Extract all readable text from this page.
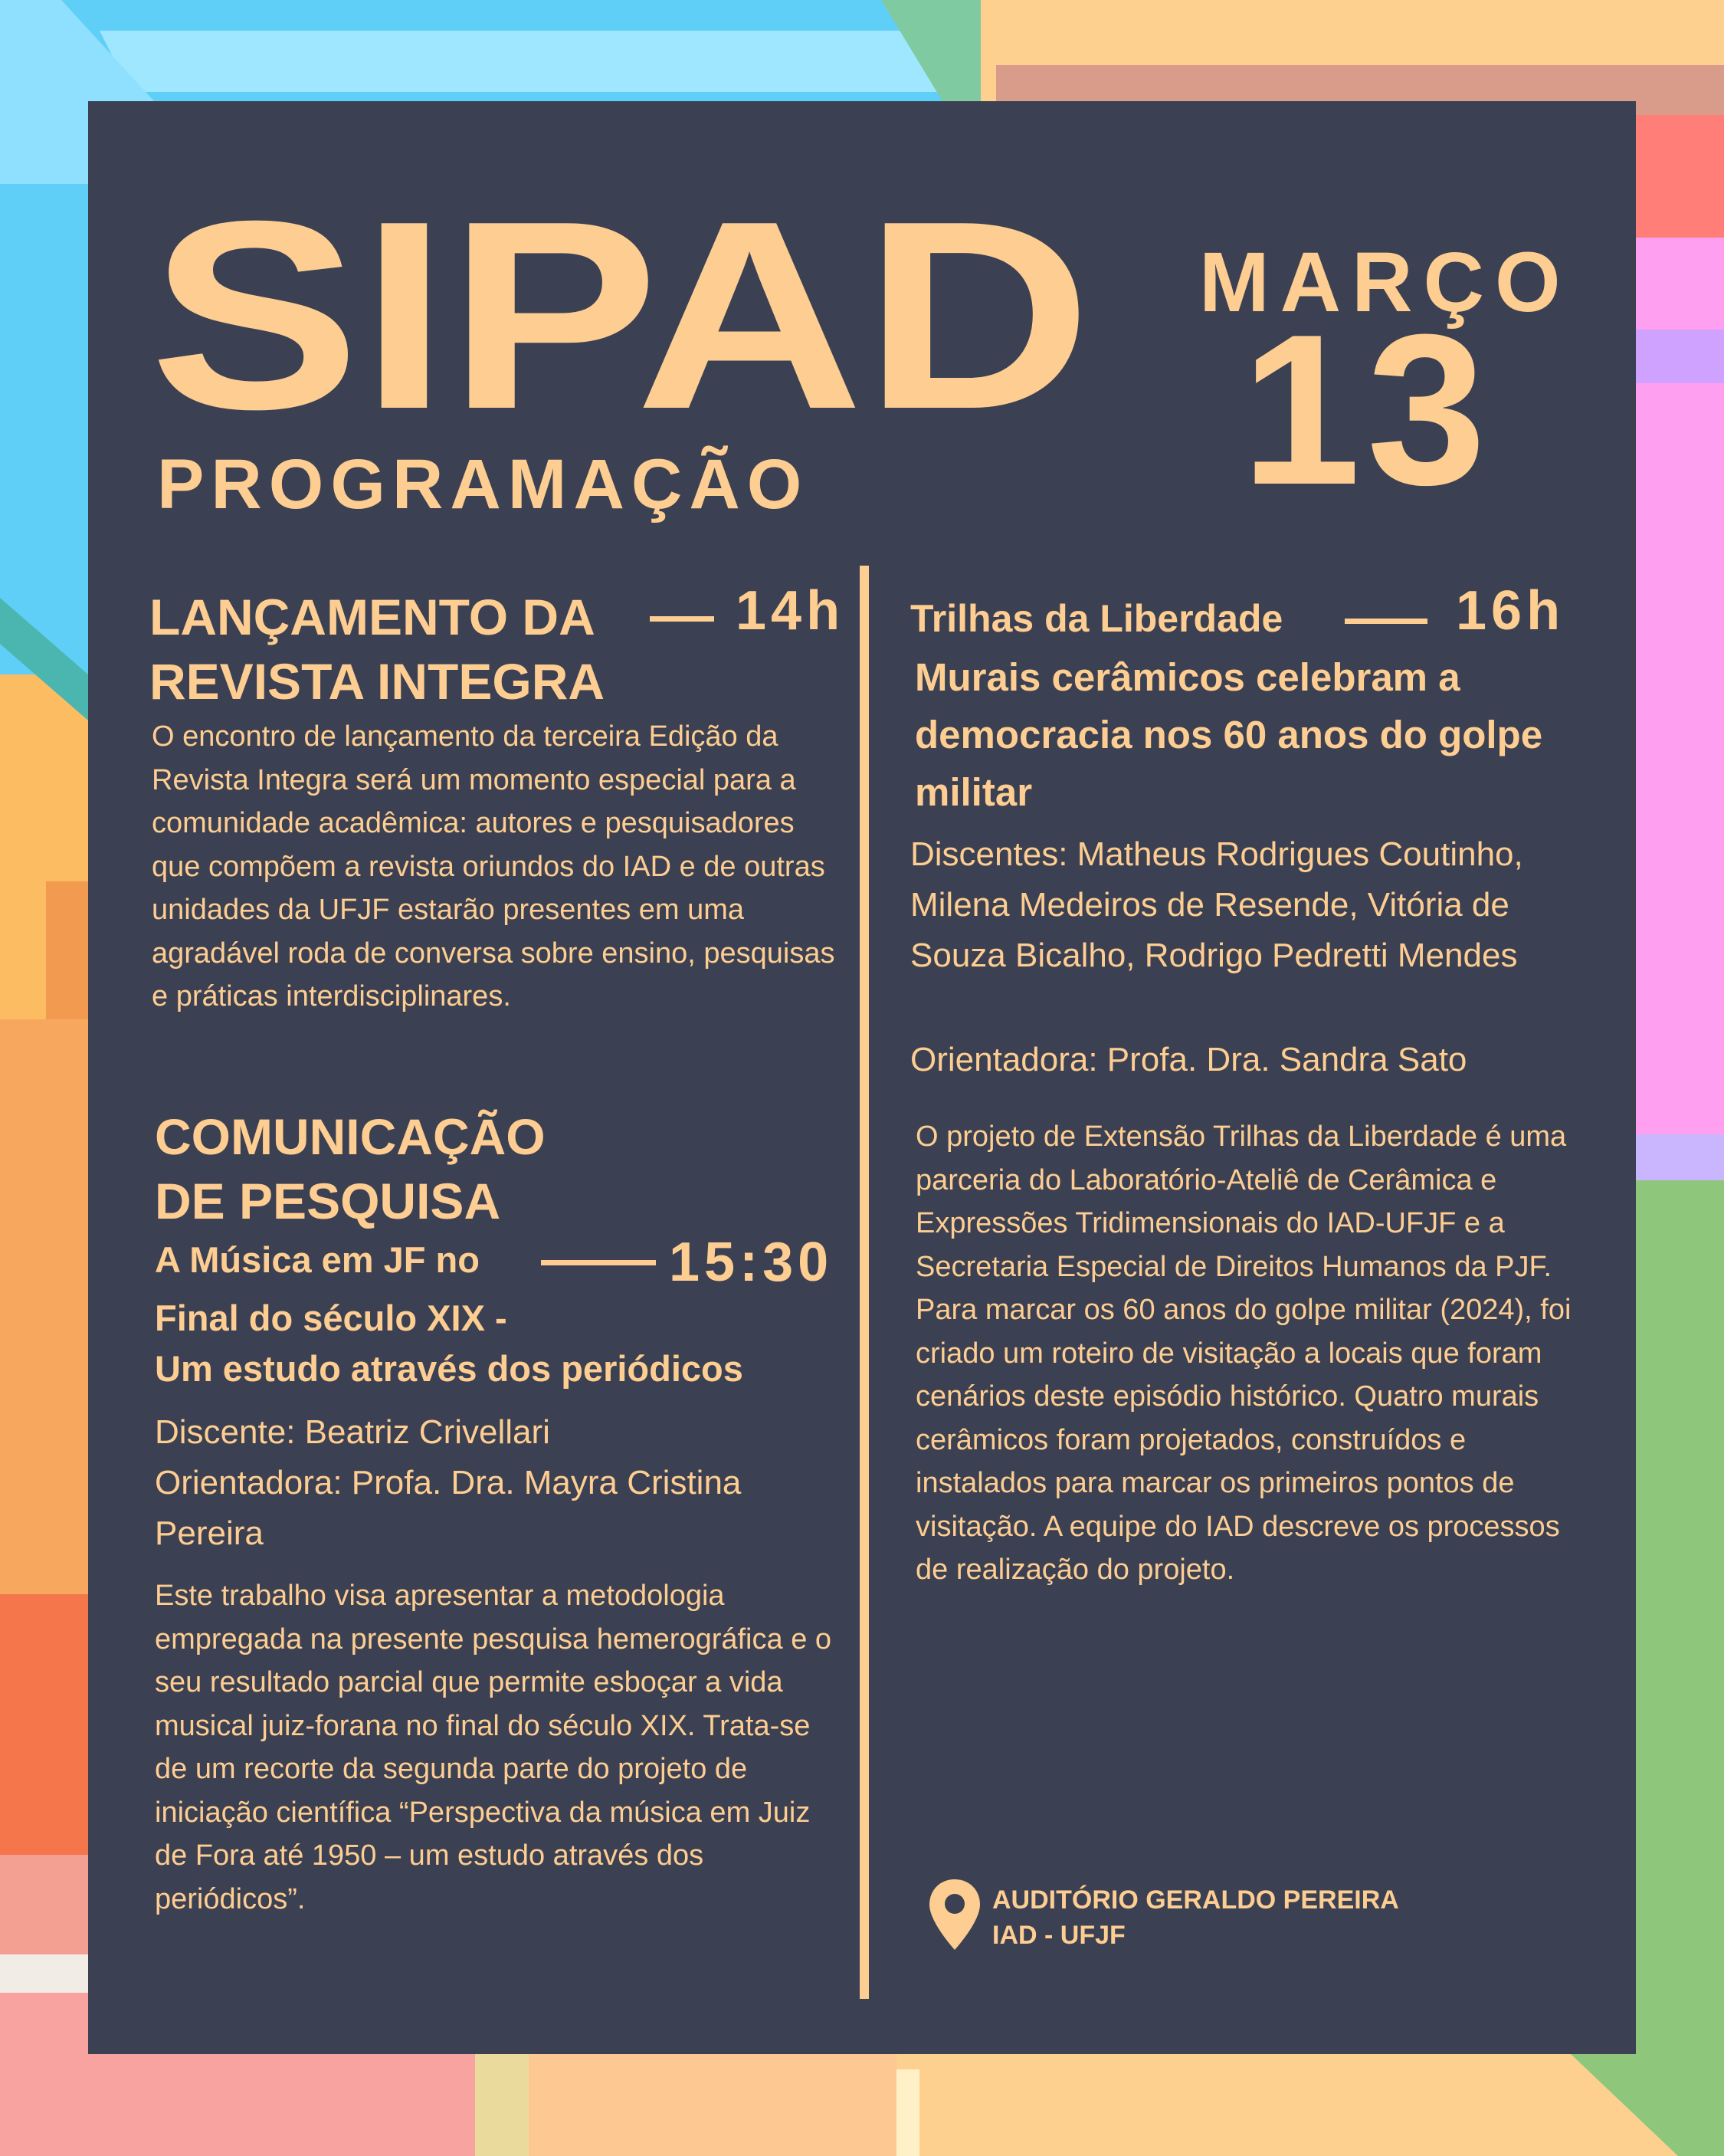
SIPAD
PROGRAMAÇÃO
MARÇO
13
LANÇAMENTO DA	14h
REVISTA INTEGRA

O encontro de lançamento da terceira Edição da Revista Integra será um momento especial para a comunidade acadêmica: autores e pesquisadores que compõem a revista oriundos do IAD e de outras unidades da UFJF estarão presentes em uma agradável roda de conversa sobre ensino, pesquisas e práticas interdisciplinares.

COMUNICAÇÃO
DE PESQUISA
A Música em JF no	15:30
Final do século XIX -
Um estudo através dos periódicos
Discente: Beatriz Crivellari
Orientadora: Profa. Dra. Mayra Cristina Pereira

Este trabalho visa apresentar a metodologia empregada na presente pesquisa hemerográfica e o seu resultado parcial que permite esboçar a vida musical juiz-forana no final do século XIX. Trata-se de um recorte da segunda parte do projeto de iniciação científica “Perspectiva da música em Juiz de Fora até 1950 – um estudo através dos periódicos”.

Trilhas da Liberdade	16h
Murais cerâmicos celebram a democracia nos 60 anos do golpe militar
Discentes: Matheus Rodrigues Coutinho, Milena Medeiros de Resende, Vitória de Souza Bicalho, Rodrigo Pedretti Mendes
Orientadora: Profa. Dra. Sandra Sato

O projeto de Extensão Trilhas da Liberdade é uma parceria do Laboratório-Ateliê de Cerâmica e Expressões Tridimensionais do IAD-UFJF e a Secretaria Especial de Direitos Humanos da PJF. Para marcar os 60 anos do golpe militar (2024), foi criado um roteiro de visitação a locais que foram cenários deste episódio histórico. Quatro murais cerâmicos foram projetados, construídos e instalados para marcar os primeiros pontos de visitação. A equipe do IAD descreve os processos de realização do projeto.

AUDITÓRIO GERALDO PEREIRA
IAD - UFJF
